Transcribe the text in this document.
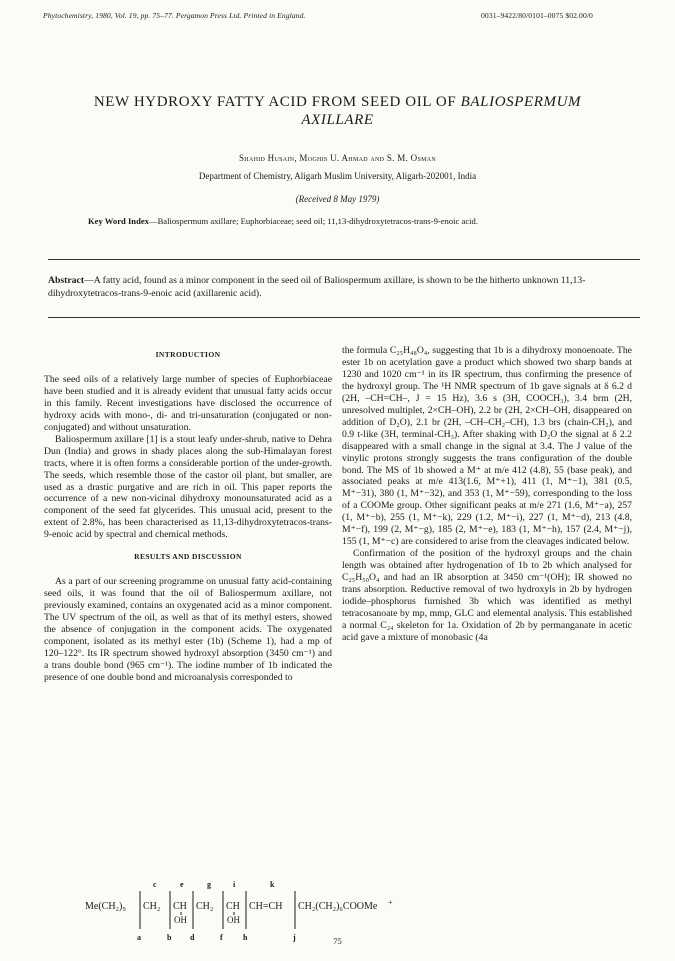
Phytochemistry, 1980, Vol. 19, pp. 75–77. Pergamon Press Ltd. Printed in England.	0031–9422/80/0101–0075 $02.00/0
NEW HYDROXY FATTY ACID FROM SEED OIL OF BALIOSPERMUM
AXILLARE
Shahid Husain, Moghis U. Ahmad and S. M. Osman
Department of Chemistry, Aligarh Muslim University, Aligarh-202001, India
(Received 8 May 1979)
Key Word Index—Baliospermum axillare; Euphorbiaceae; seed oil; 11,13-dihydroxytetracos-trans-9-enoic acid.
Abstract—A fatty acid, found as a minor component in the seed oil of Baliospermum axillare, is shown to be the hitherto unknown 11,13-dihydroxytetracos-trans-9-enoic acid (axillarenic acid).
INTRODUCTION

The seed oils of a relatively large number of species of Euphorbiaceae have been studied and it is already evident that unusual fatty acids occur in this family. Recent investigations have disclosed the occurrence of hydroxy acids with mono-, di- and tri-unsaturation (conjugated or non-conjugated) and without unsaturation.

Baliospermum axillare [1] is a stout leafy under-shrub, native to Dehra Dun (India) and grows in shady places along the sub-Himalayan forest tracts, where it is often forms a considerable portion of the under-growth. The seeds, which resemble those of the castor oil plant, but smaller, are used as a drastic purgative and are rich in oil. This paper reports the occurrence of a new non-vicinal dihydroxy monounsaturated acid as a component of the seed fat glycerides. This unusual acid, present to the extent of 2.8%, has been characterised as 11,13-dihydroxytetracos-trans-9-enoic acid by spectral and chemical methods.

RESULTS AND DISCUSSION

As a part of our screening programme on unusual fatty acid-containing seed oils, it was found that the oil of Baliospermum axillare, not previously examined, contains an oxygenated acid as a minor component. The UV spectrum of the oil, as well as that of its methyl esters, showed the absence of conjugation in the component acids. The oxygenated component, isolated as its methyl ester (1b) (Scheme 1), had a mp of 120–122°. Its IR spectrum showed hydroxyl absorption (3450 cm⁻¹) and a trans double bond (965 cm⁻¹). The iodine number of 1b indicated the presence of one double bond and microanalysis corresponded to

the formula C₂₅H₄₈O₄, suggesting that 1b is a dihydroxy monoenoate. The ester 1b on acetylation gave a product which showed two sharp bands at 1230 and 1020 cm⁻¹ in its IR spectrum, thus confirming the presence of the hydroxyl group. The ¹H NMR spectrum of 1b gave signals at δ 6.2 d (2H, –CH=CH–, J = 15 Hz), 3.6 s (3H, COOCH₃), 3.4 brm (2H, unresolved multiplet, 2×CH–OH), 2.2 br (2H, 2×CH–OH, disappeared on addition of D₂O), 2.1 br (2H, –CH–CH₂–CH), 1.3 brs (chain-CH₂), and 0.9 t-like (3H, terminal-CH₃). After shaking with D₂O the signal at δ 2.2 disappeared with a small change in the signal at 3.4. The J value of the vinylic protons strongly suggests the trans configuration of the double bond. The MS of 1b showed a M⁺ at m/e 412 (4.8), 55 (base peak), and associated peaks at m/e 413(1.6, M⁺+1), 411 (1, M⁺−1), 381 (0.5, M⁺−31), 380 (1, M⁺−32), and 353 (1, M⁺−59), corresponding to the loss of a COOMe group. Other significant peaks at m/e 271 (1.6, M⁺−a), 257 (1, M⁺−b), 255 (1, M⁺−k), 229 (1.2, M⁺−i), 227 (1, M⁺−d), 213 (4.8, M⁺−f), 199 (2, M⁺−g), 185 (2, M⁺−e), 183 (1, M⁺−h), 157 (2.4, M⁺−j), 155 (1, M⁺−c) are considered to arise from the cleavages indicated below.

Confirmation of the position of the hydroxyl groups and the chain length was obtained after hydrogenation of 1b to 2b which analysed for C₂₅H₅₀O₄ and had an IR absorption at 3450 cm⁻¹(OH); IR showed no trans absorption. Reductive removal of two hydroxyls in 2b by hydrogen iodide–phosphorus furnished 3b which was identified as methyl tetracosanoate by mp, mmp, GLC and elemental analysis. This established a normal C₂₄ skeleton for 1a. Oxidation of 2b by permanganate in acetic acid gave a mixture of monobasic (4a

Me(CH₂)₉ CH₂ CH
OH
CH₂ CH
OH
CH=CH CH₂(CH₂)₆COOMe +
c	e	g	i	k
a	b d	f	h	j	75
